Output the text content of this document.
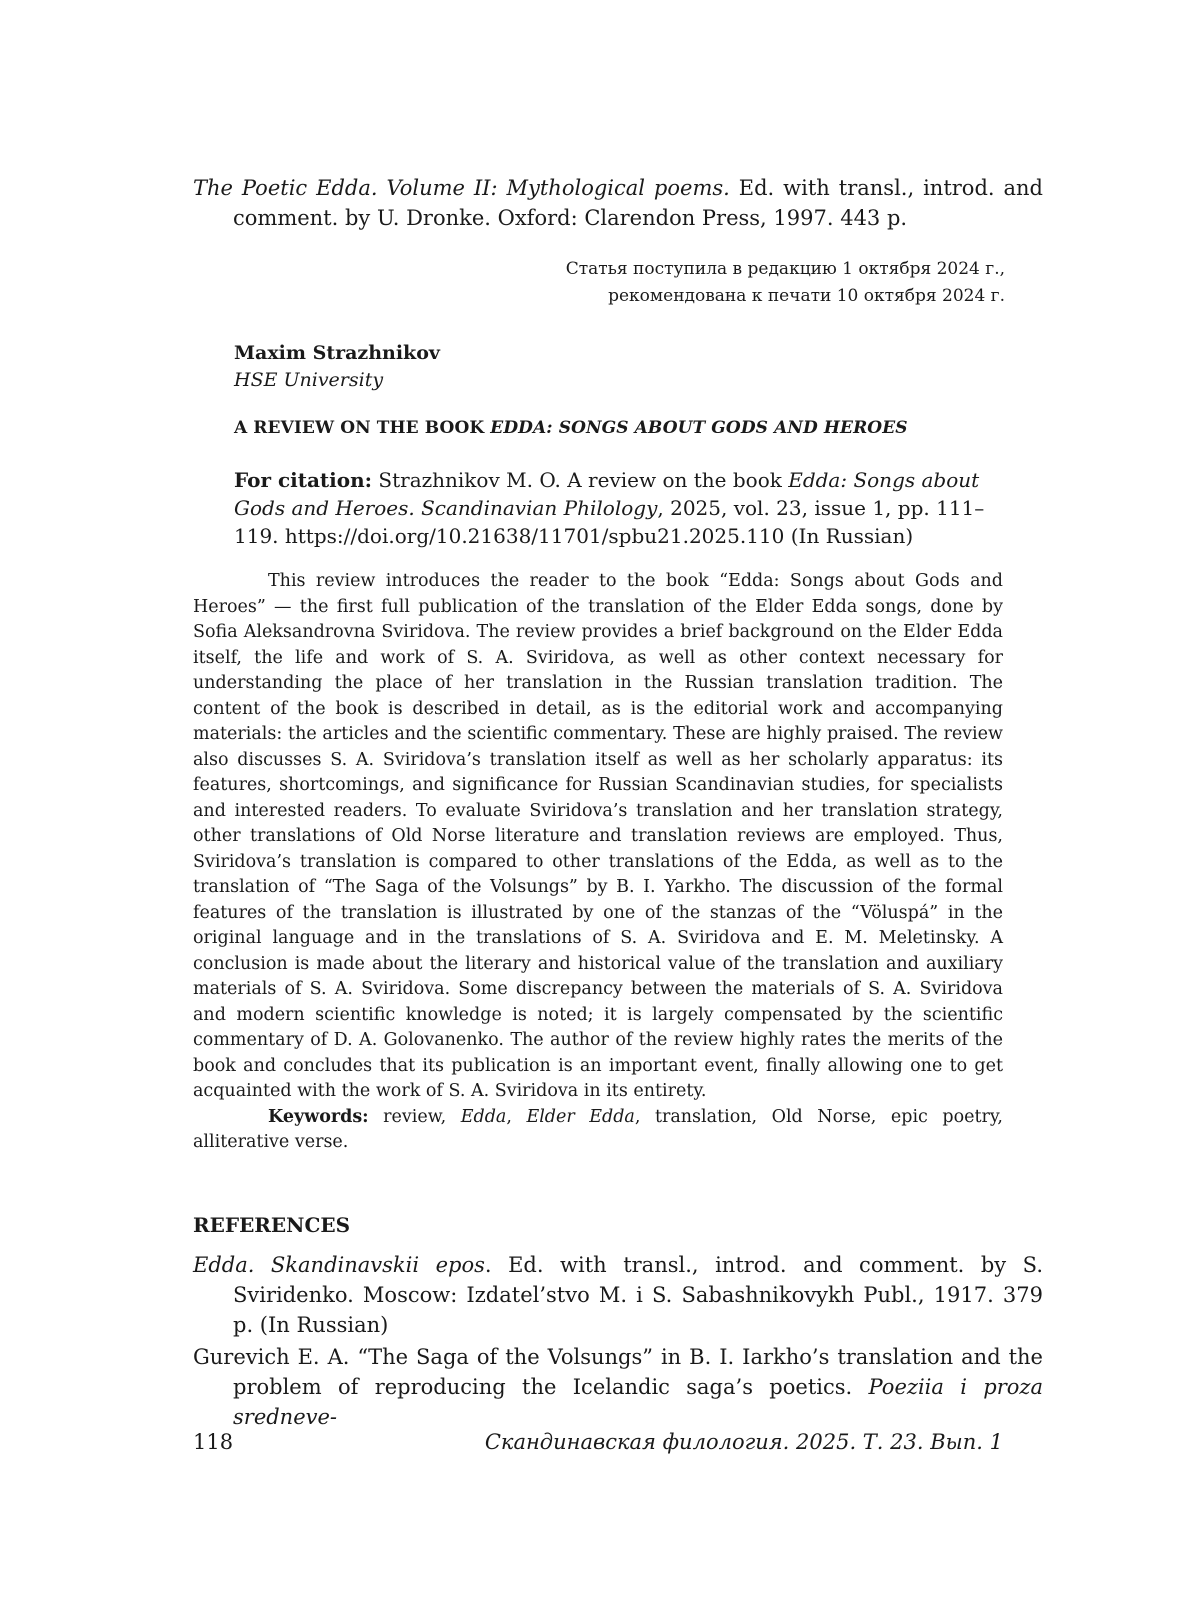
The Poetic Edda. Volume II: Mythological poems. Ed. with transl., introd. and comment. by U. Dronke. Oxford: Clarendon Press, 1997. 443 p.
Статья поступила в редакцию 1 октября 2024 г.,
рекомендована к печати 10 октября 2024 г.
Maxim Strazhnikov
HSE University
A REVIEW ON THE BOOK EDDA: SONGS ABOUT GODS AND HEROES
For citation: Strazhnikov M. O. A review on the book Edda: Songs about Gods and Heroes. Scandinavian Philology, 2025, vol. 23, issue 1, pp. 111–119. https://doi.org/10.21638/11701/spbu21.2025.110 (In Russian)

This review introduces the reader to the book “Edda: Songs about Gods and Heroes” — the first full publication of the translation of the Elder Edda songs, done by Sofia Aleksandrovna Sviridova. The review provides a brief background on the Elder Edda itself, the life and work of S. A. Sviridova, as well as other context necessary for understanding the place of her translation in the Russian translation tradition. The content of the book is described in detail, as is the editorial work and accompanying materials: the articles and the scientific commentary. These are highly praised. The review also discusses S. A. Sviridova’s translation itself as well as her scholarly apparatus: its features, shortcomings, and significance for Russian Scandinavian studies, for specialists and interested readers. To evaluate Sviridova’s translation and her translation strategy, other translations of Old Norse literature and translation reviews are employed. Thus, Sviridova’s translation is compared to other translations of the Edda, as well as to the translation of “The Saga of the Volsungs” by B. I. Yarkho. The discussion of the formal features of the translation is illustrated by one of the stanzas of the “Völuspá” in the original language and in the translations of S. A. Sviridova and E. M. Meletinsky. A conclusion is made about the literary and historical value of the translation and auxiliary materials of S. A. Sviridova. Some discrepancy between the materials of S. A. Sviridova and modern scientific knowledge is noted; it is largely compensated by the scientific commentary of D. A. Golovanenko. The author of the review highly rates the merits of the book and concludes that its publication is an important event, finally allowing one to get acquainted with the work of S. A. Sviridova in its entirety.

Keywords: review, Edda, Elder Edda, translation, Old Norse, epic poetry, alliterative verse.

REFERENCES
Edda. Skandinavskii epos. Ed. with transl., introd. and comment. by S. Sviridenko. Moscow: Izdatel’stvo M. i S. Sabashnikovykh Publ., 1917. 379 p. (In Russian)
Gurevich E. A. “The Saga of the Volsungs” in B. I. Iarkho’s translation and the problem of reproducing the Icelandic saga’s poetics. Poeziia i proza sredneve-
118	Скандинавская филология. 2025. Т. 23. Вып. 1
